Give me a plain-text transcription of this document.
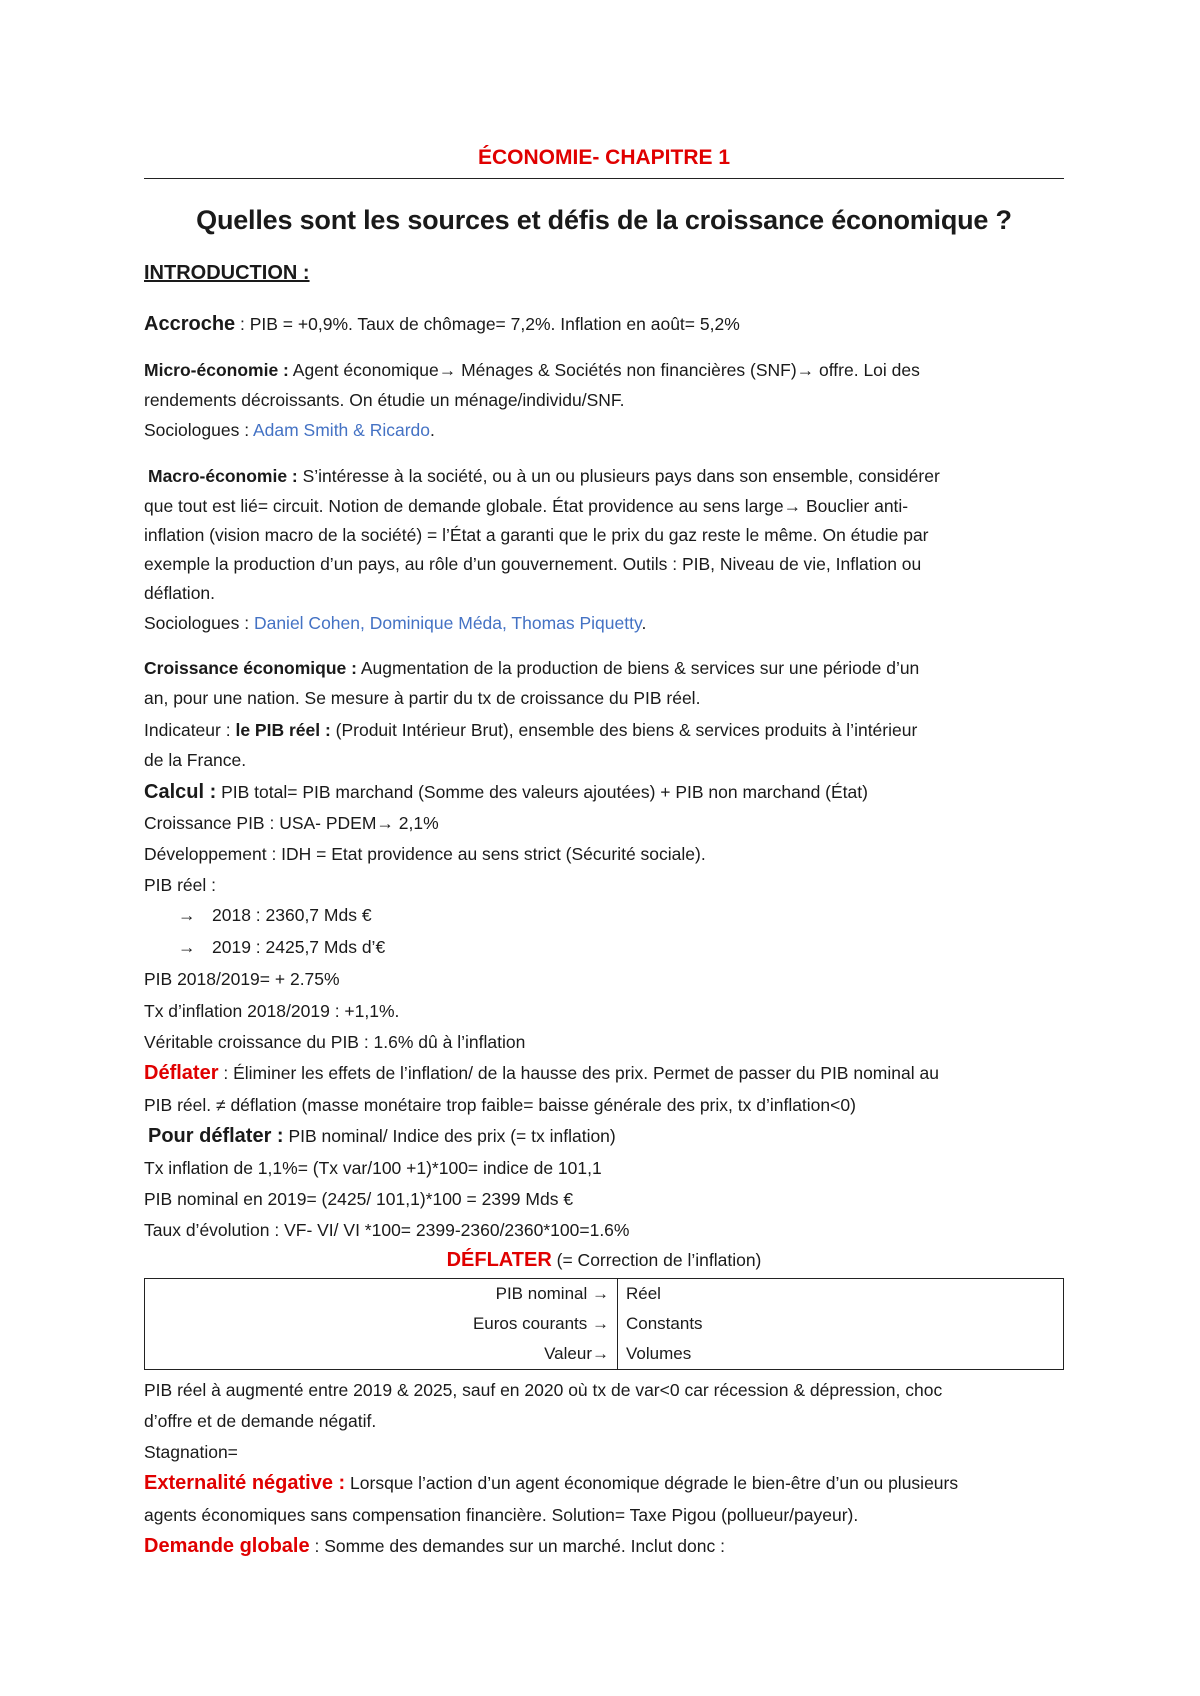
ÉCONOMIE- CHAPITRE 1
Quelles sont les sources et défis de la croissance économique ?
INTRODUCTION :
Accroche : PIB = +0,9%. Taux de chômage= 7,2%. Inflation en août= 5,2%
Micro-économie : Agent économique→ Ménages & Sociétés non financières (SNF)→ offre. Loi des
rendements décroissants. On étudie un ménage/individu/SNF.
Sociologues : Adam Smith & Ricardo.
Macro-économie : S’intéresse à la société, ou à un ou plusieurs pays dans son ensemble, considérer
que tout est lié= circuit. Notion de demande globale. État providence au sens large→ Bouclier anti-
inflation (vision macro de la société) = l’État a garanti que le prix du gaz reste le même. On étudie par
exemple la production d’un pays, au rôle d’un gouvernement. Outils : PIB, Niveau de vie, Inflation ou
déflation.
Sociologues : Daniel Cohen, Dominique Méda, Thomas Piquetty.
Croissance économique : Augmentation de la production de biens & services sur une période d’un
an, pour une nation. Se mesure à partir du tx de croissance du PIB réel.
Indicateur : le PIB réel : (Produit Intérieur Brut), ensemble des biens & services produits à l’intérieur
de la France.
Calcul : PIB total= PIB marchand (Somme des valeurs ajoutées) + PIB non marchand (État)
Croissance PIB : USA- PDEM→ 2,1%
Développement : IDH = Etat providence au sens strict (Sécurité sociale).
PIB réel :
→ 2018 : 2360,7 Mds €
→ 2019 : 2425,7 Mds d’€
PIB 2018/2019= + 2.75%
Tx d’inflation 2018/2019 : +1,1%.
Véritable croissance du PIB : 1.6% dû à l’inflation
Déflater : Éliminer les effets de l’inflation/ de la hausse des prix. Permet de passer du PIB nominal au
PIB réel. ≠ déflation (masse monétaire trop faible= baisse générale des prix, tx d’inflation<0)
Pour déflater : PIB nominal/ Indice des prix (= tx inflation)
Tx inflation de 1,1%= (Tx var/100 +1)*100= indice de 101,1
PIB nominal en 2019= (2425/ 101,1)*100 = 2399 Mds €
Taux d’évolution : VF- VI/ VI *100= 2399-2360/2360*100=1.6%
DÉFLATER (= Correction de l’inflation)
PIB nominal →	Réel
Euros courants →	Constants
Valeur→	Volumes
PIB réel à augmenté entre 2019 & 2025, sauf en 2020 où tx de var<0 car récession & dépression, choc
d’offre et de demande négatif.
Stagnation=
Externalité négative : Lorsque l’action d’un agent économique dégrade le bien-être d’un ou plusieurs
agents économiques sans compensation financière. Solution= Taxe Pigou (pollueur/payeur).
Demande globale : Somme des demandes sur un marché. Inclut donc :
